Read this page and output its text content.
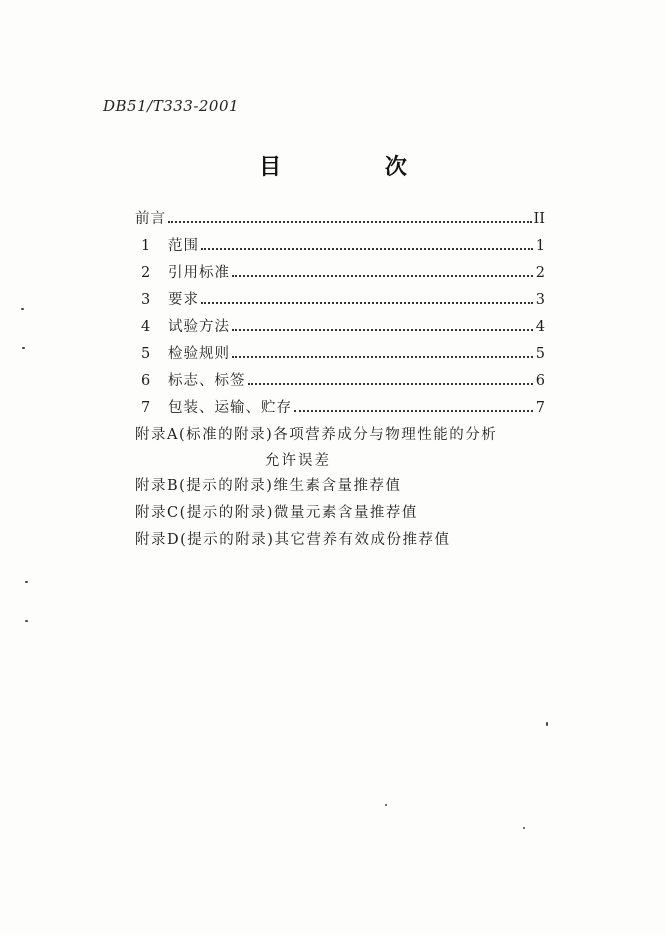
DB51/T333-2001
目 次
前言	II
1	范围	1
2	引用标准	2
3	要求	3
4	试验方法	4
5	检验规则	5
6	标志、标签	6
7	包装、运输、贮存	7
附录A(标准的附录)各项营养成分与物理性能的分析
允许误差
附录B(提示的附录)维生素含量推荐值
附录C(提示的附录)微量元素含量推荐值
附录D(提示的附录)其它营养有效成份推荐值
